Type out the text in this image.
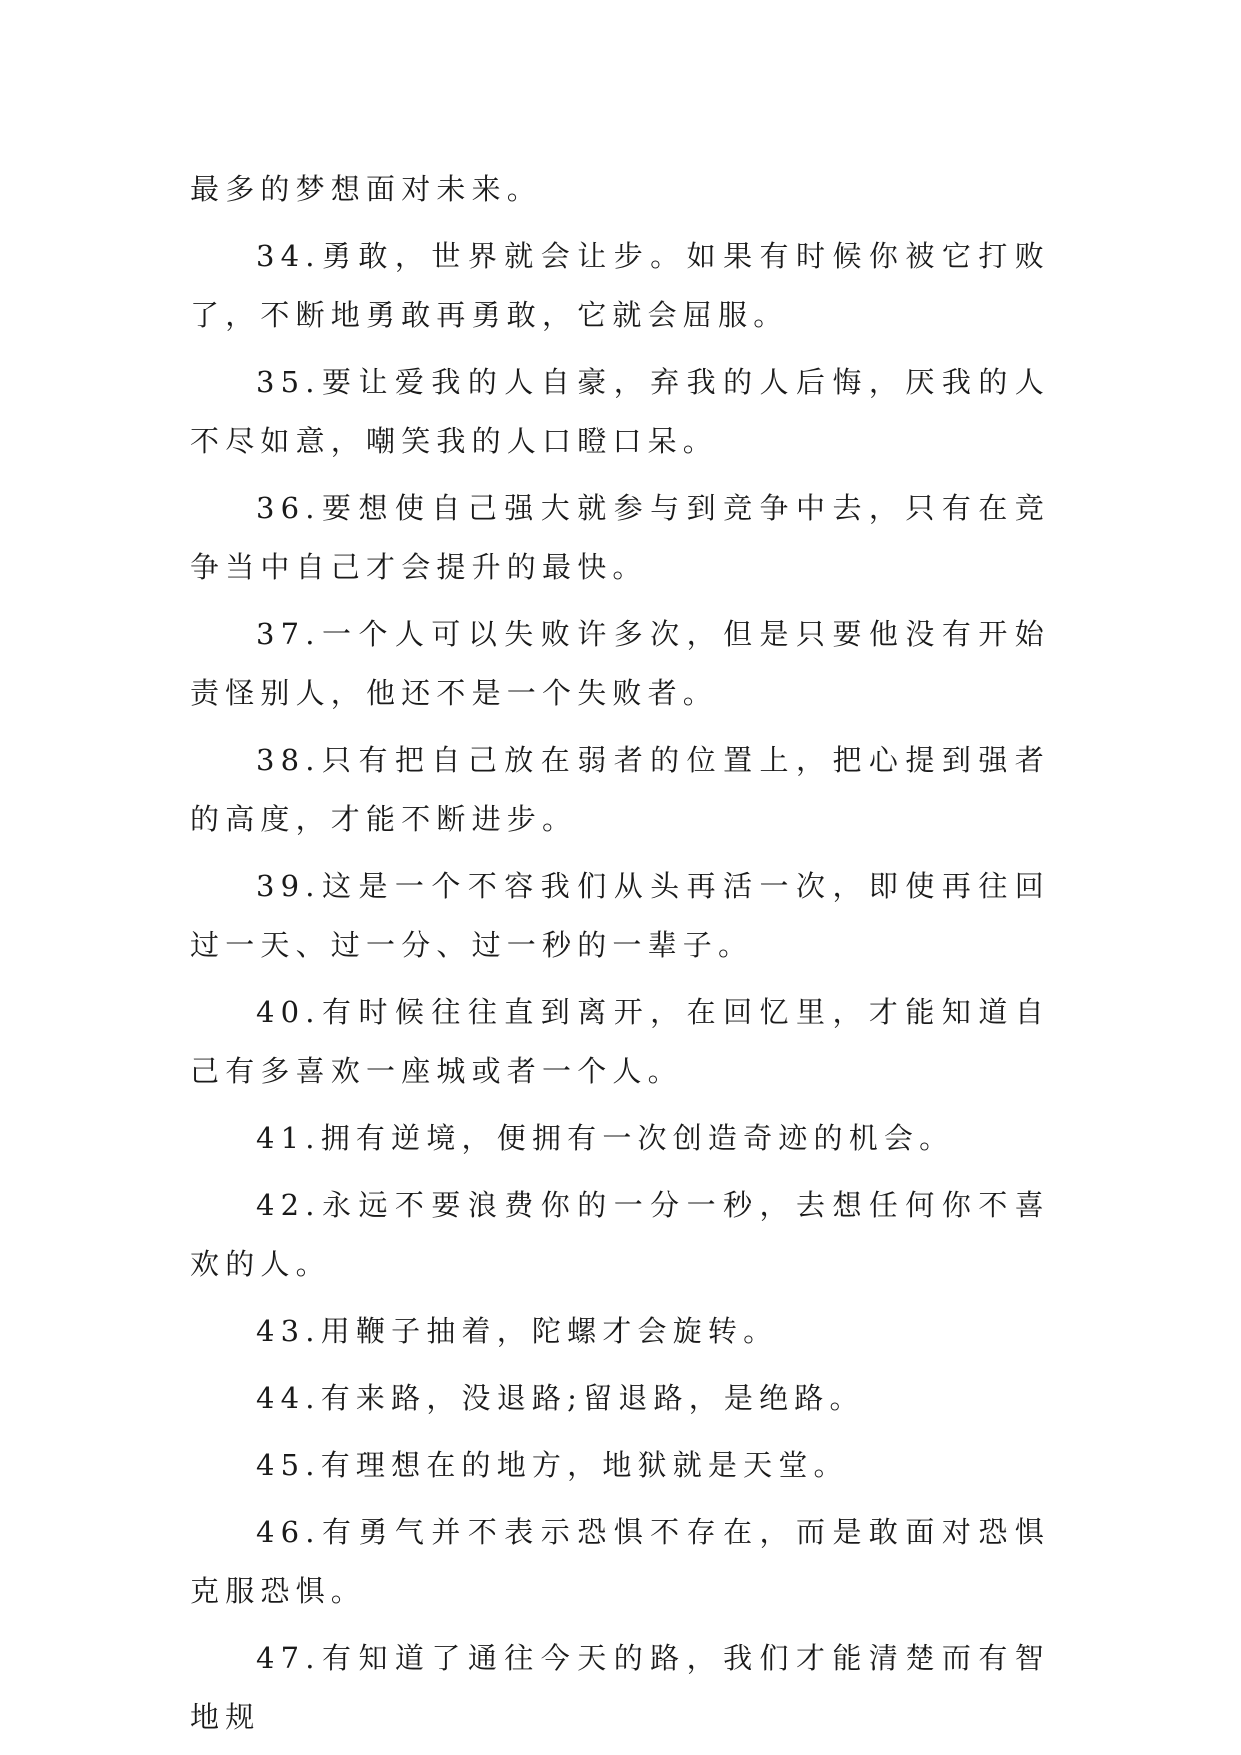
最多的梦想面对未来。

34.勇敢，世界就会让步。如果有时候你被它打败了，不断地勇敢再勇敢，它就会屈服。

35.要让爱我的人自豪，弃我的人后悔，厌我的人不尽如意，嘲笑我的人口瞪口呆。

36.要想使自己强大就参与到竞争中去，只有在竞争当中自己才会提升的最快。

37.一个人可以失败许多次，但是只要他没有开始责怪别人，他还不是一个失败者。

38.只有把自己放在弱者的位置上，把心提到强者的高度，才能不断进步。

39.这是一个不容我们从头再活一次，即使再往回过一天、过一分、过一秒的一辈子。

40.有时候往往直到离开，在回忆里，才能知道自己有多喜欢一座城或者一个人。

41.拥有逆境，便拥有一次创造奇迹的机会。

42.永远不要浪费你的一分一秒，去想任何你不喜欢的人。

43.用鞭子抽着，陀螺才会旋转。

44.有来路，没退路;留退路，是绝路。

45.有理想在的地方，地狱就是天堂。

46.有勇气并不表示恐惧不存在，而是敢面对恐惧克服恐惧。

47.有知道了通往今天的路，我们才能清楚而有智地规
